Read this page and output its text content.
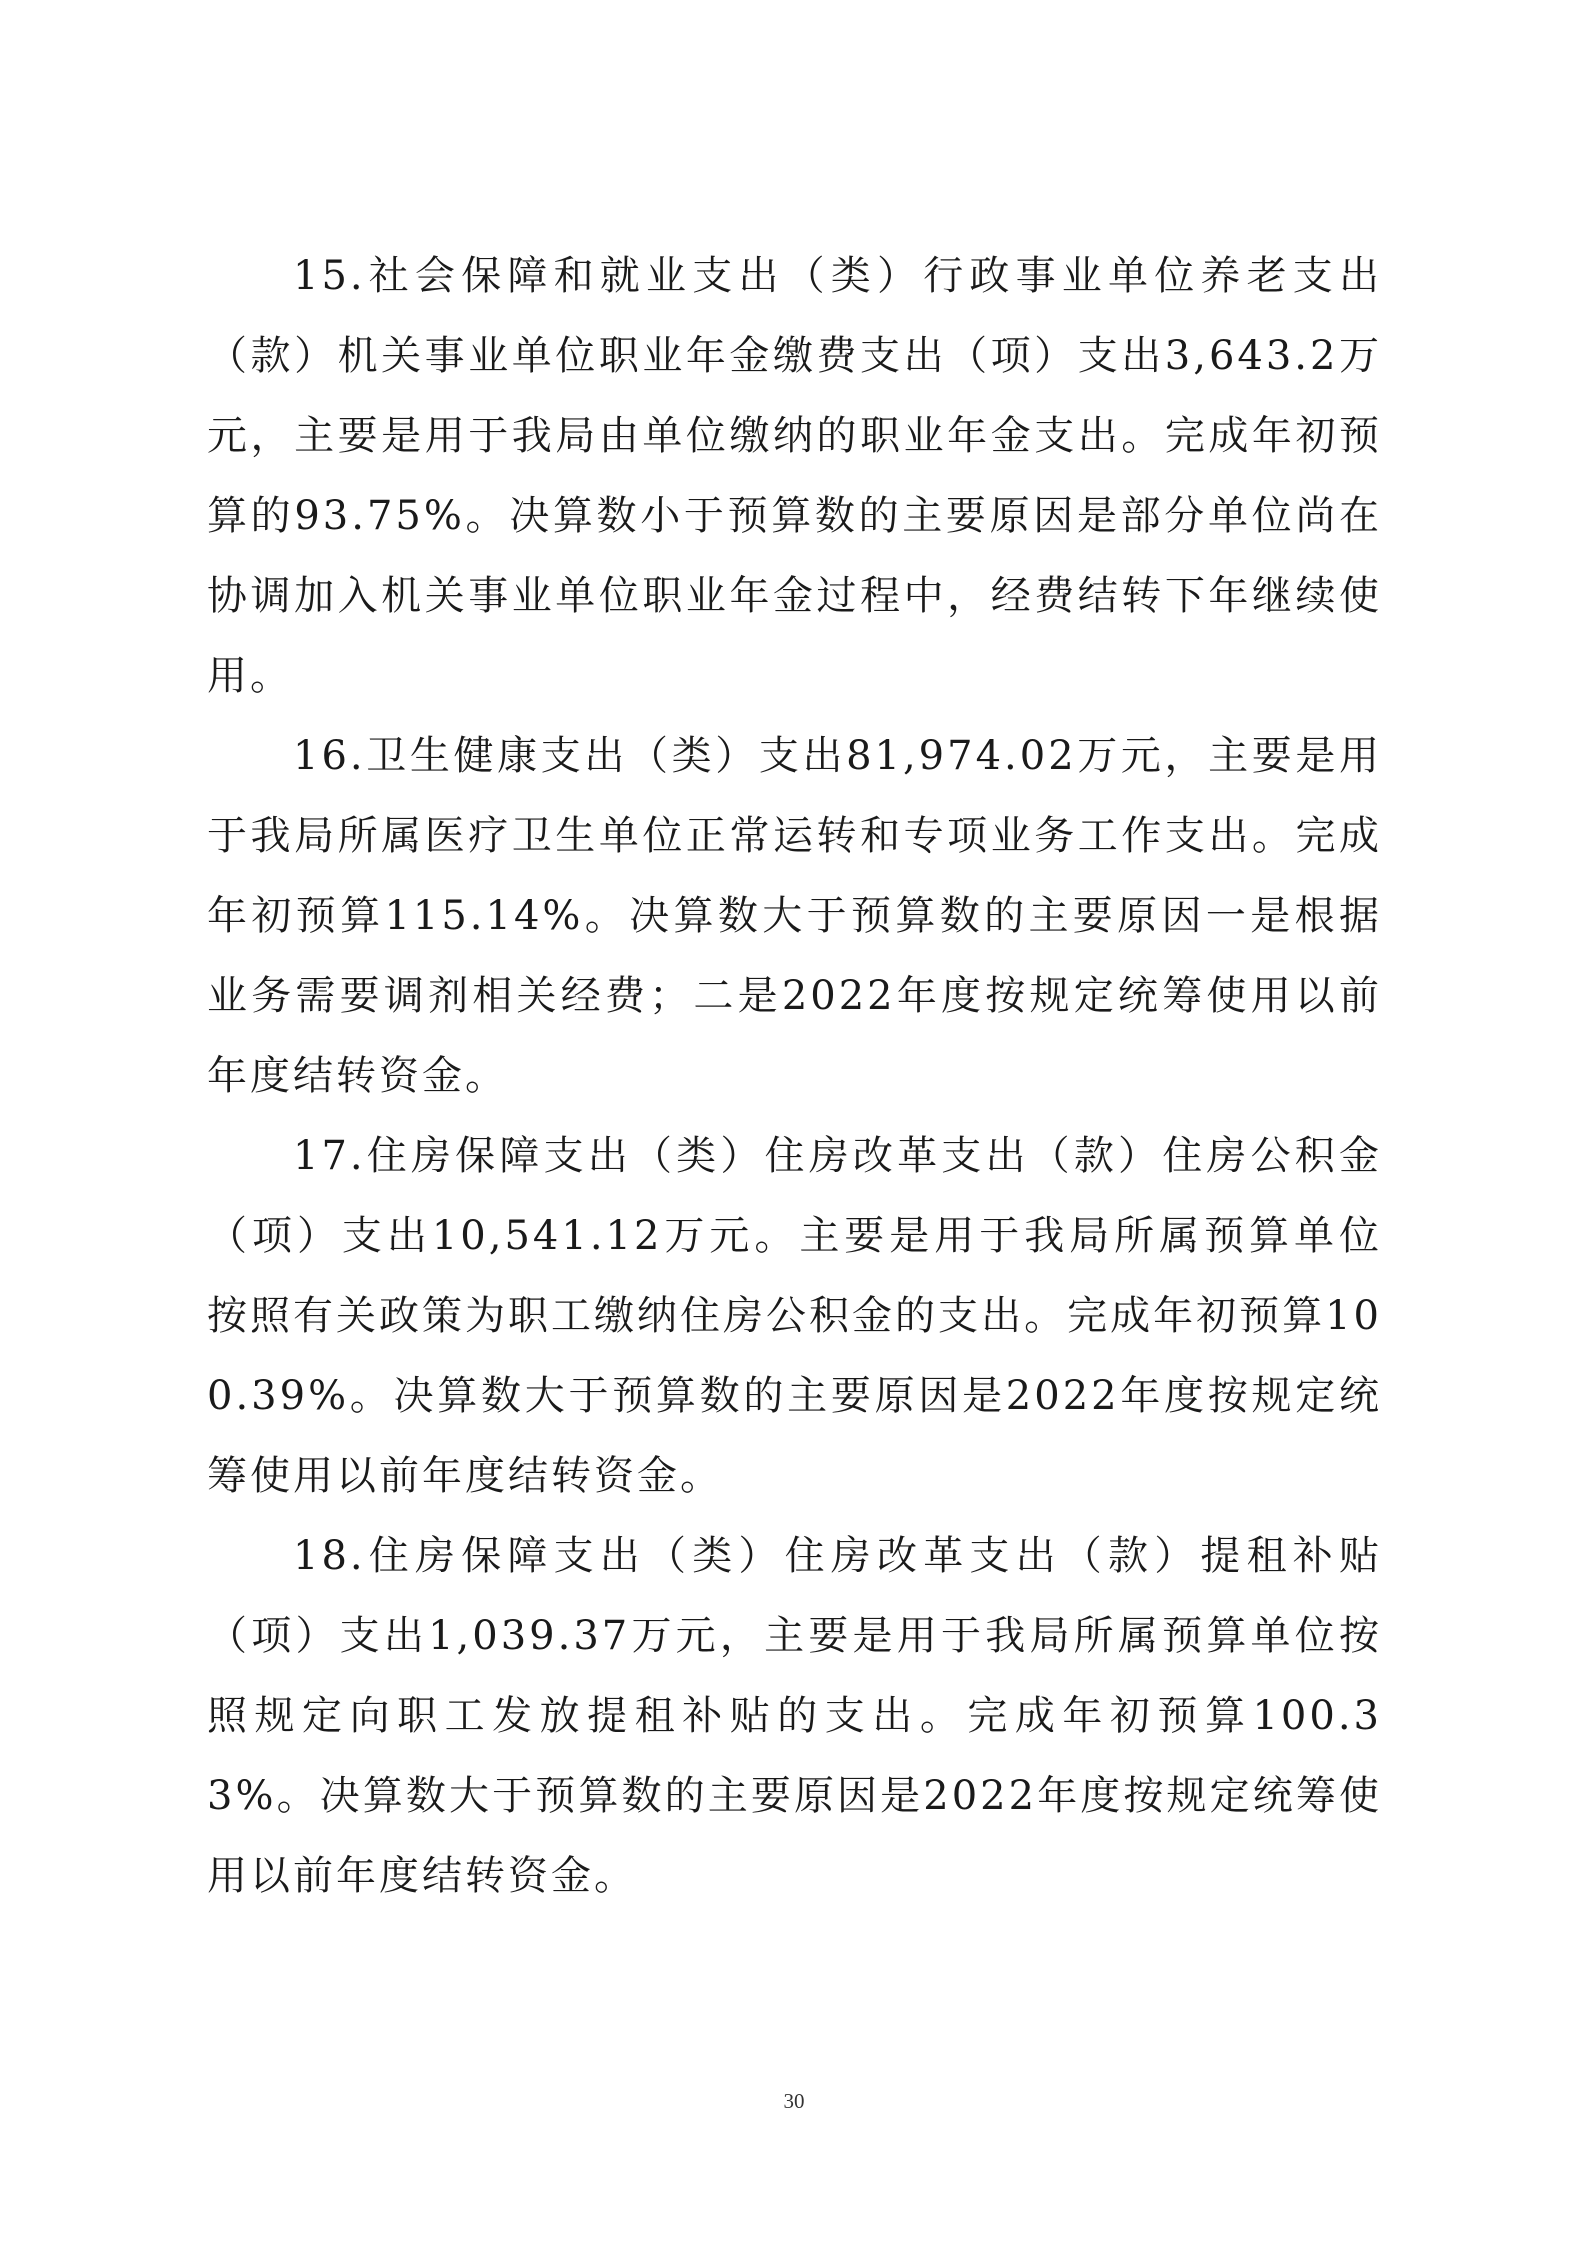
15.社会保障和就业支出（类）行政事业单位养老支出（款）机关事业单位职业年金缴费支出（项）支出3,643.2万元，主要是用于我局由单位缴纳的职业年金支出。完成年初预算的93.75%。决算数小于预算数的主要原因是部分单位尚在协调加入机关事业单位职业年金过程中，经费结转下年继续使用。

16.卫生健康支出（类）支出81,974.02万元，主要是用于我局所属医疗卫生单位正常运转和专项业务工作支出。完成年初预算115.14%。决算数大于预算数的主要原因一是根据业务需要调剂相关经费；二是2022年度按规定统筹使用以前年度结转资金。

17.住房保障支出（类）住房改革支出（款）住房公积金（项）支出10,541.12万元。主要是用于我局所属预算单位按照有关政策为职工缴纳住房公积金的支出。完成年初预算100.39%。决算数大于预算数的主要原因是2022年度按规定统筹使用以前年度结转资金。

18.住房保障支出（类）住房改革支出（款）提租补贴（项）支出1,039.37万元，主要是用于我局所属预算单位按照规定向职工发放提租补贴的支出。完成年初预算100.33%。决算数大于预算数的主要原因是2022年度按规定统筹使用以前年度结转资金。

30
